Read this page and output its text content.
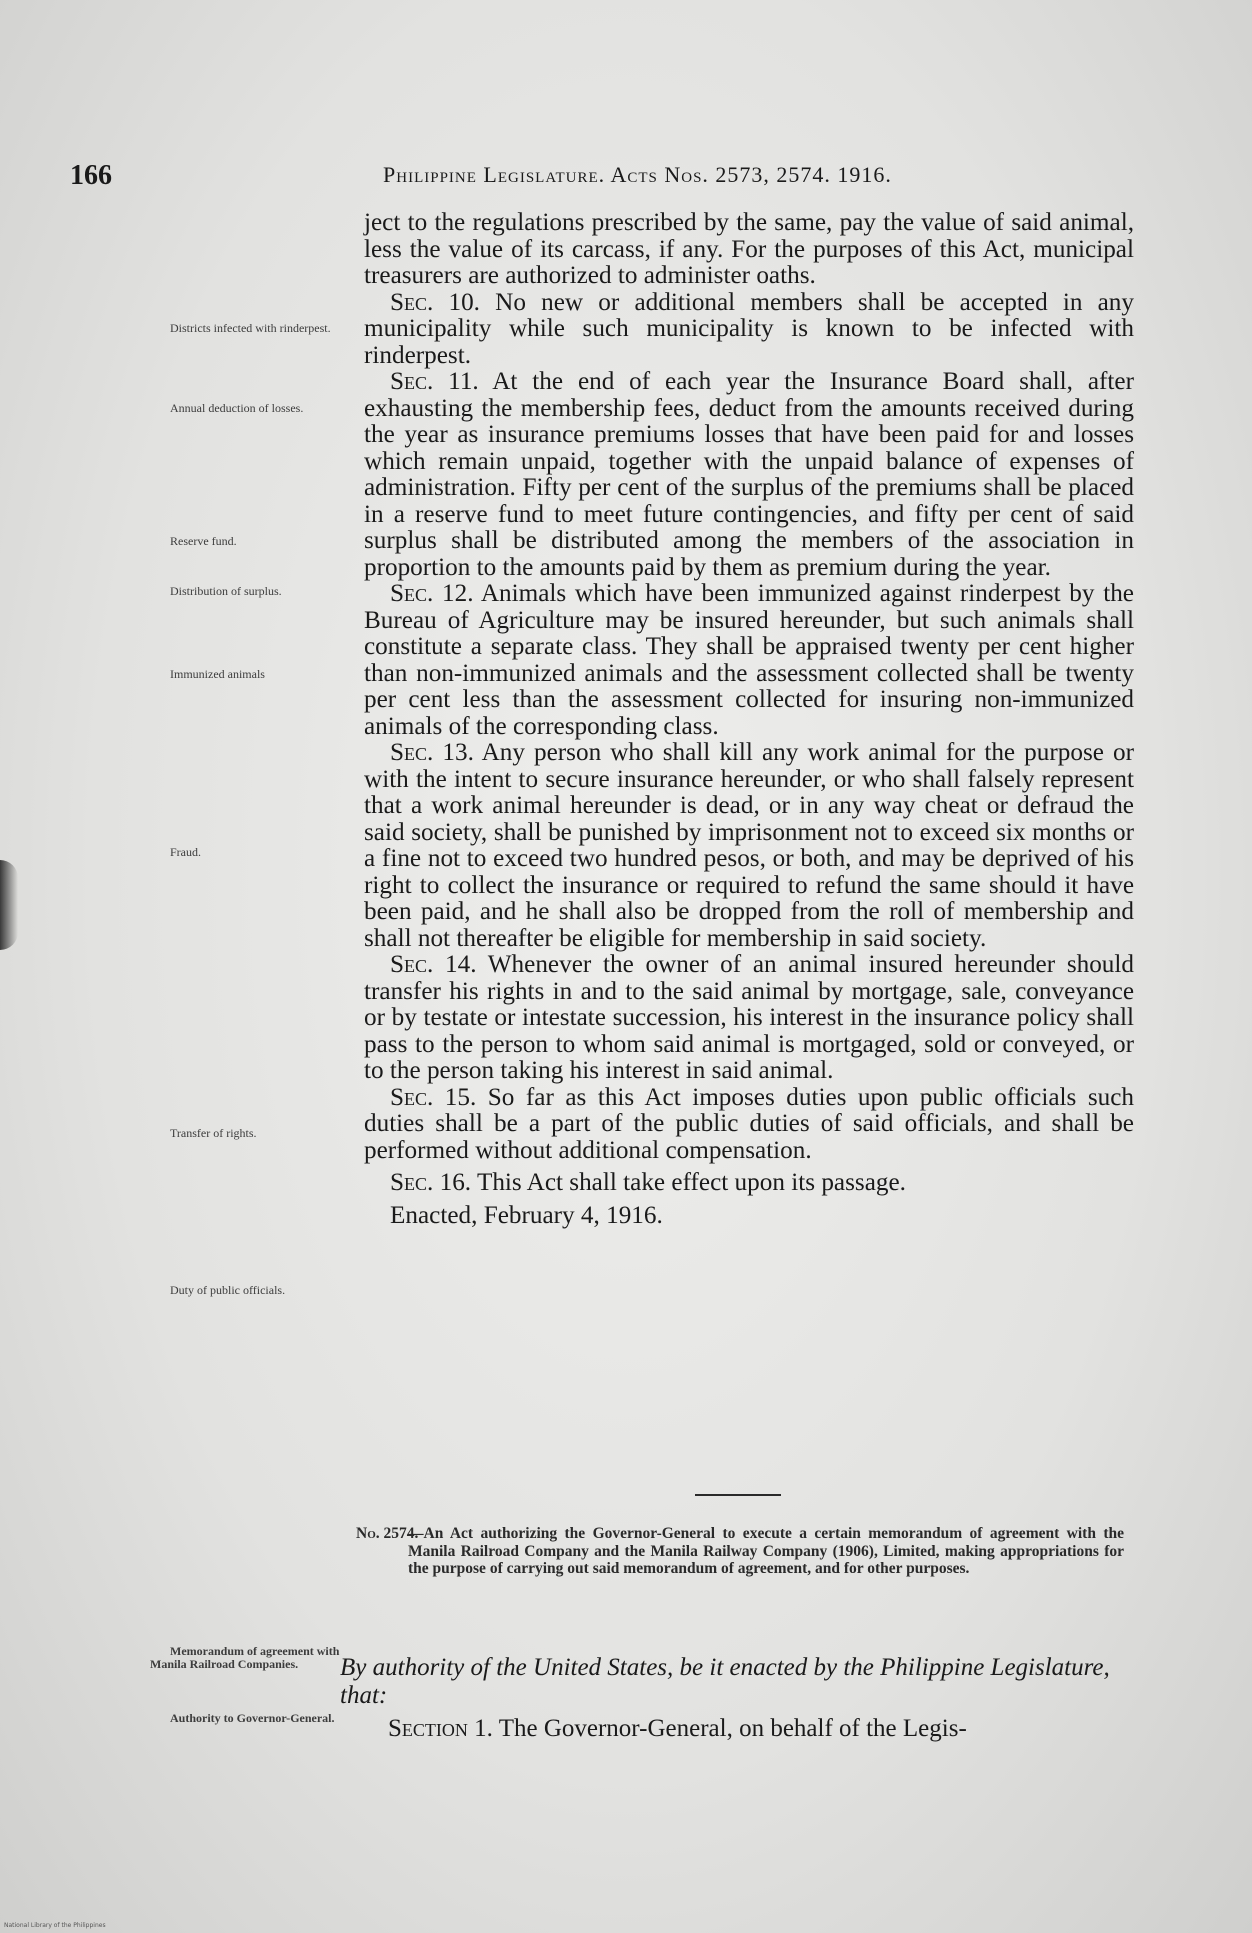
166	Philippine Legislature. Acts Nos. 2573, 2574. 1916.

ject to the regulations prescribed by the same, pay the value of said animal, less the value of its carcass, if any. For the purposes of this Act, municipal treasurers are authorized to administer oaths.

Sec. 10. No new or additional members shall be accepted in any municipality while such municipality is known to be infected with rinderpest.

Sec. 11. At the end of each year the Insurance Board shall, after exhausting the membership fees, deduct from the amounts received during the year as insurance premiums losses that have been paid for and losses which remain unpaid, together with the unpaid balance of expenses of administration. Fifty per cent of the surplus of the premiums shall be placed in a reserve fund to meet future contingencies, and fifty per cent of said surplus shall be distributed among the members of the association in proportion to the amounts paid by them as premium during the year.

Sec. 12. Animals which have been immunized against rinderpest by the Bureau of Agriculture may be insured hereunder, but such animals shall constitute a separate class. They shall be appraised twenty per cent higher than non-immunized animals and the assessment collected shall be twenty per cent less than the assessment collected for insuring non-immunized animals of the corresponding class.

Sec. 13. Any person who shall kill any work animal for the purpose or with the intent to secure insurance hereunder, or who shall falsely represent that a work animal hereunder is dead, or in any way cheat or defraud the said society, shall be punished by imprisonment not to exceed six months or a fine not to exceed two hundred pesos, or both, and may be deprived of his right to collect the insurance or required to refund the same should it have been paid, and he shall also be dropped from the roll of membership and shall not thereafter be eligible for membership in said society.

Sec. 14. Whenever the owner of an animal insured hereunder should transfer his rights in and to the said animal by mortgage, sale, conveyance or by testate or intestate succession, his interest in the insurance policy shall pass to the person to whom said animal is mortgaged, sold or conveyed, or to the person taking his interest in said animal.

Sec. 15. So far as this Act imposes duties upon public officials such duties shall be a part of the public duties of said officials, and shall be performed without additional compensation.

Sec. 16. This Act shall take effect upon its passage.

Enacted, February 4, 1916.

Districts infected with rinderpest.
Annual deduction of losses.
Reserve fund.
Distribution of surplus.
Immunized animals
Fraud.
Transfer of rights.
Duty of public officials.
Memorandum of agreement with Manila Railroad Companies.
Authority to Governor-General.
No. 2574.
—An Act authorizing the Governor-General to execute a certain memorandum of agreement with the Manila Railroad Company and the Manila Railway Company (1906), Limited, making appropriations for the purpose of carrying out said memorandum of agreement, and for other purposes.
By authority of the United States, be it enacted by the Philippine Legislature, that:
Section 1. The Governor-General, on behalf of the Legis-
National Library of the Philippines
